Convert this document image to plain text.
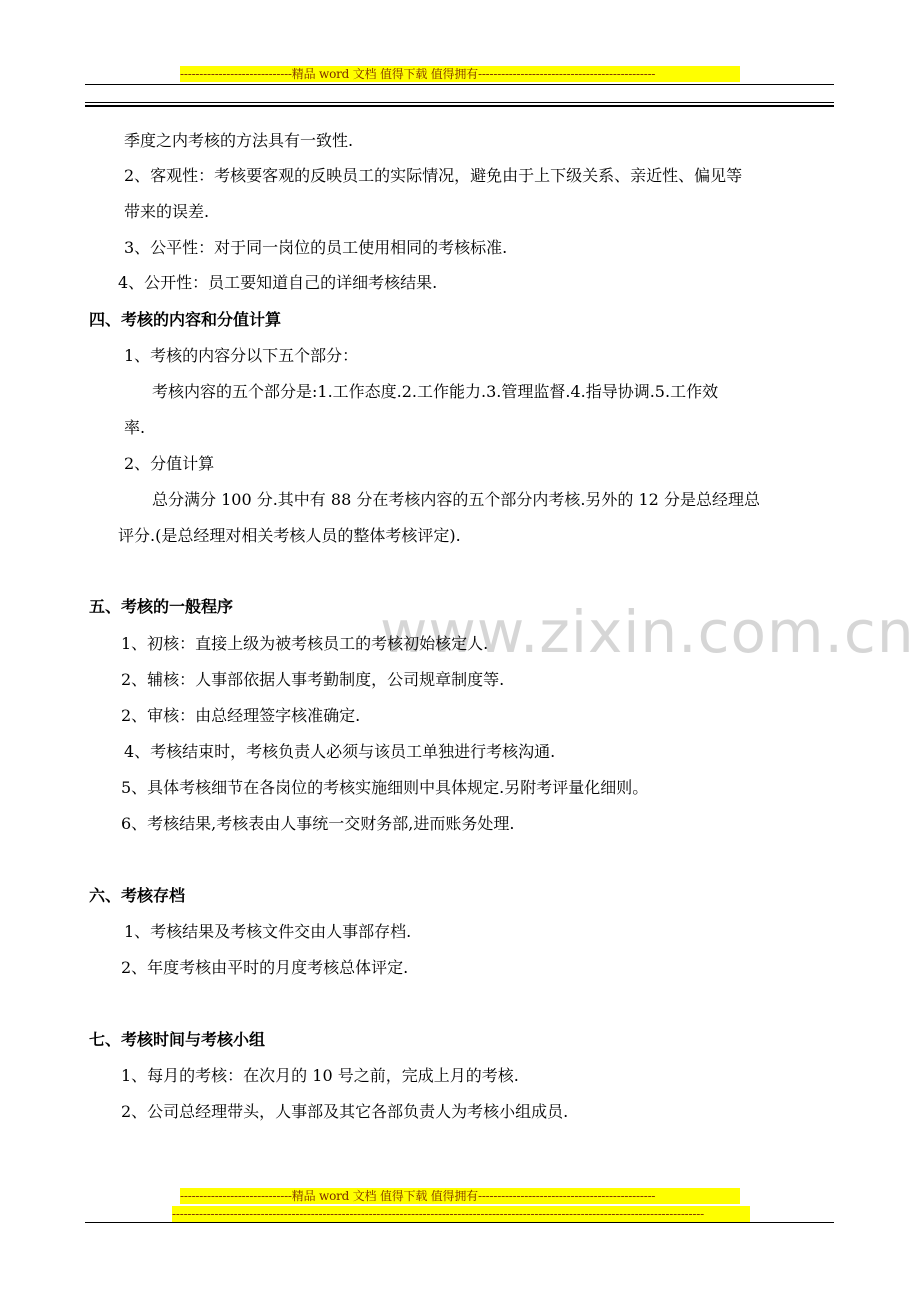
-----------------------------精品 word 文档 值得下载 值得拥有----------------------------------------------
www.zixin.com.cn
季度之内考核的方法具有一致性.
2、客观性：考核要客观的反映员工的实际情况，避免由于上下级关系、亲近性、偏见等
带来的误差.
3、公平性：对于同一岗位的员工使用相同的考核标准.
4、公开性：员工要知道自己的详细考核结果.
四、考核的内容和分值计算
1、考核的内容分以下五个部分：
考核内容的五个部分是:1.工作态度.2.工作能力.3.管理监督.4.指导协调.5.工作效
率.
2、分值计算
总分满分 100 分.其中有 88 分在考核内容的五个部分内考核.另外的 12 分是总经理总
评分.(是总经理对相关考核人员的整体考核评定).
五、考核的一般程序
1、初核：直接上级为被考核员工的考核初始核定人.
2、辅核：人事部依据人事考勤制度，公司规章制度等.
2、审核：由总经理签字核准确定.
4、考核结束时，考核负责人必须与该员工单独进行考核沟通.
5、具体考核细节在各岗位的考核实施细则中具体规定.另附考评量化细则。
6、考核结果,考核表由人事统一交财务部,进而账务处理.
六、考核存档
1、考核结果及考核文件交由人事部存档.
2、年度考核由平时的月度考核总体评定.
七、考核时间与考核小组
1、每月的考核：在次月的 10 号之前，完成上月的考核.
2、公司总经理带头，人事部及其它各部负责人为考核小组成员.
-----------------------------精品 word 文档 值得下载 值得拥有----------------------------------------------
------------------------------------------------------------------------------------------------------------------------------------------
